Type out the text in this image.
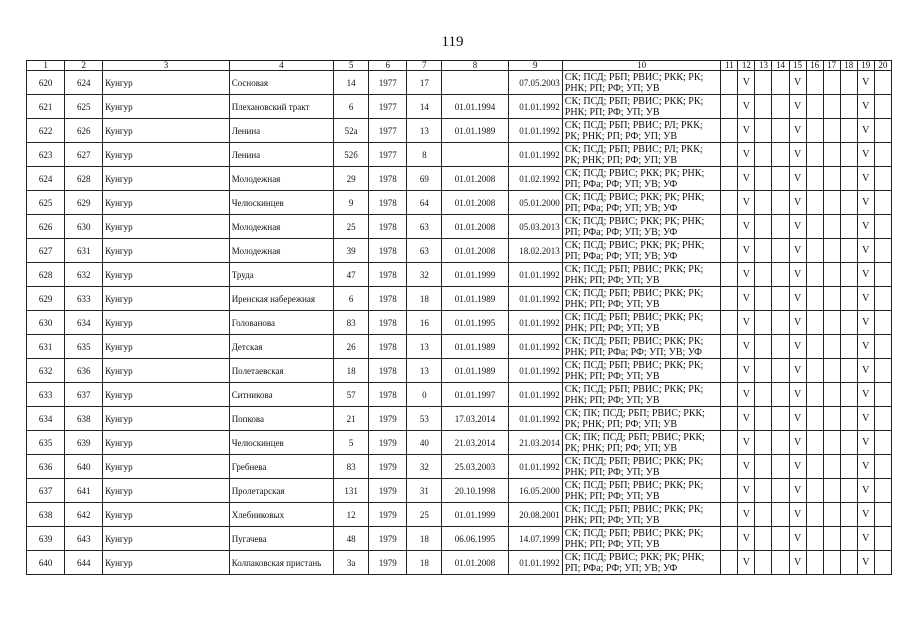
119
1	2	3	4	5	6	7	8	9	10	11	12	13	14	15	16	17	18	19	20
620	624	Кунгур	Сосновая	14	1977	17		07.05.2003	СК; ПСД; РБП; РВИС; РКК; РК; РНК; РП; РФ; УП; УВ		V			V				V	
621	625	Кунгур	Плехановский тракт	6	1977	14	01.01.1994	01.01.1992	СК; ПСД; РБП; РВИС; РКК; РК; РНК; РП; РФ; УП; УВ		V			V				V	
622	626	Кунгур	Ленина	52а	1977	13	01.01.1989	01.01.1992	СК; ПСД; РБП; РВИС; РЛ; РКК; РК; РНК; РП; РФ; УП; УВ		V			V				V	
623	627	Кунгур	Ленина	52б	1977	8		01.01.1992	СК; ПСД; РБП; РВИС; РЛ; РКК; РК; РНК; РП; РФ; УП; УВ		V			V				V	
624	628	Кунгур	Молодежная	29	1978	69	01.01.2008	01.02.1992	СК; ПСД; РВИС; РКК; РК; РНК; РП; РФа; РФ; УП; УВ; УФ		V			V				V	
625	629	Кунгур	Челюскинцев	9	1978	64	01.01.2008	05.01.2000	СК; ПСД; РВИС; РКК; РК; РНК; РП; РФа; РФ; УП; УВ; УФ		V			V				V	
626	630	Кунгур	Молодежная	25	1978	63	01.01.2008	05.03.2013	СК; ПСД; РВИС; РКК; РК; РНК; РП; РФа; РФ; УП; УВ; УФ		V			V				V	
627	631	Кунгур	Молодежная	39	1978	63	01.01.2008	18.02.2013	СК; ПСД; РВИС; РКК; РК; РНК; РП; РФа; РФ; УП; УВ; УФ		V			V				V	
628	632	Кунгур	Труда	47	1978	32	01.01.1999	01.01.1992	СК; ПСД; РБП; РВИС; РКК; РК; РНК; РП; РФ; УП; УВ		V			V				V	
629	633	Кунгур	Иренская набережная	6	1978	18	01.01.1989	01.01.1992	СК; ПСД; РБП; РВИС; РКК; РК; РНК; РП; РФ; УП; УВ		V			V				V	
630	634	Кунгур	Голованова	83	1978	16	01.01.1995	01.01.1992	СК; ПСД; РБП; РВИС; РКК; РК; РНК; РП; РФ; УП; УВ		V			V				V	
631	635	Кунгур	Детская	26	1978	13	01.01.1989	01.01.1992	СК; ПСД; РБП; РВИС; РКК; РК; РНК; РП; РФа; РФ; УП; УВ; УФ		V			V				V	
632	636	Кунгур	Полетаевская	18	1978	13	01.01.1989	01.01.1992	СК; ПСД; РБП; РВИС; РКК; РК; РНК; РП; РФ; УП; УВ		V			V				V	
633	637	Кунгур	Ситникова	57	1978	0	01.01.1997	01.01.1992	СК; ПСД; РБП; РВИС; РКК; РК; РНК; РП; РФ; УП; УВ		V			V				V	
634	638	Кунгур	Попкова	21	1979	53	17.03.2014	01.01.1992	СК; ПК; ПСД; РБП; РВИС; РКК; РК; РНК; РП; РФ; УП; УВ		V			V				V	
635	639	Кунгур	Челюскинцев	5	1979	40	21.03.2014	21.03.2014	СК; ПК; ПСД; РБП; РВИС; РКК; РК; РНК; РП; РФ; УП; УВ		V			V				V	
636	640	Кунгур	Гребнева	83	1979	32	25.03.2003	01.01.1992	СК; ПСД; РБП; РВИС; РКК; РК; РНК; РП; РФ; УП; УВ		V			V				V	
637	641	Кунгур	Пролетарская	131	1979	31	20.10.1998	16.05.2000	СК; ПСД; РБП; РВИС; РКК; РК; РНК; РП; РФ; УП; УВ		V			V				V	
638	642	Кунгур	Хлебниковых	12	1979	25	01.01.1999	20.08.2001	СК; ПСД; РБП; РВИС; РКК; РК; РНК; РП; РФ; УП; УВ		V			V				V	
639	643	Кунгур	Пугачева	48	1979	18	06.06.1995	14.07.1999	СК; ПСД; РБП; РВИС; РКК; РК; РНК; РП; РФ; УП; УВ		V			V				V	
640	644	Кунгур	Колпаковская пристань	3а	1979	18	01.01.2008	01.01.1992	СК; ПСД; РВИС; РКК; РК; РНК; РП; РФа; РФ; УП; УВ; УФ		V			V				V	
